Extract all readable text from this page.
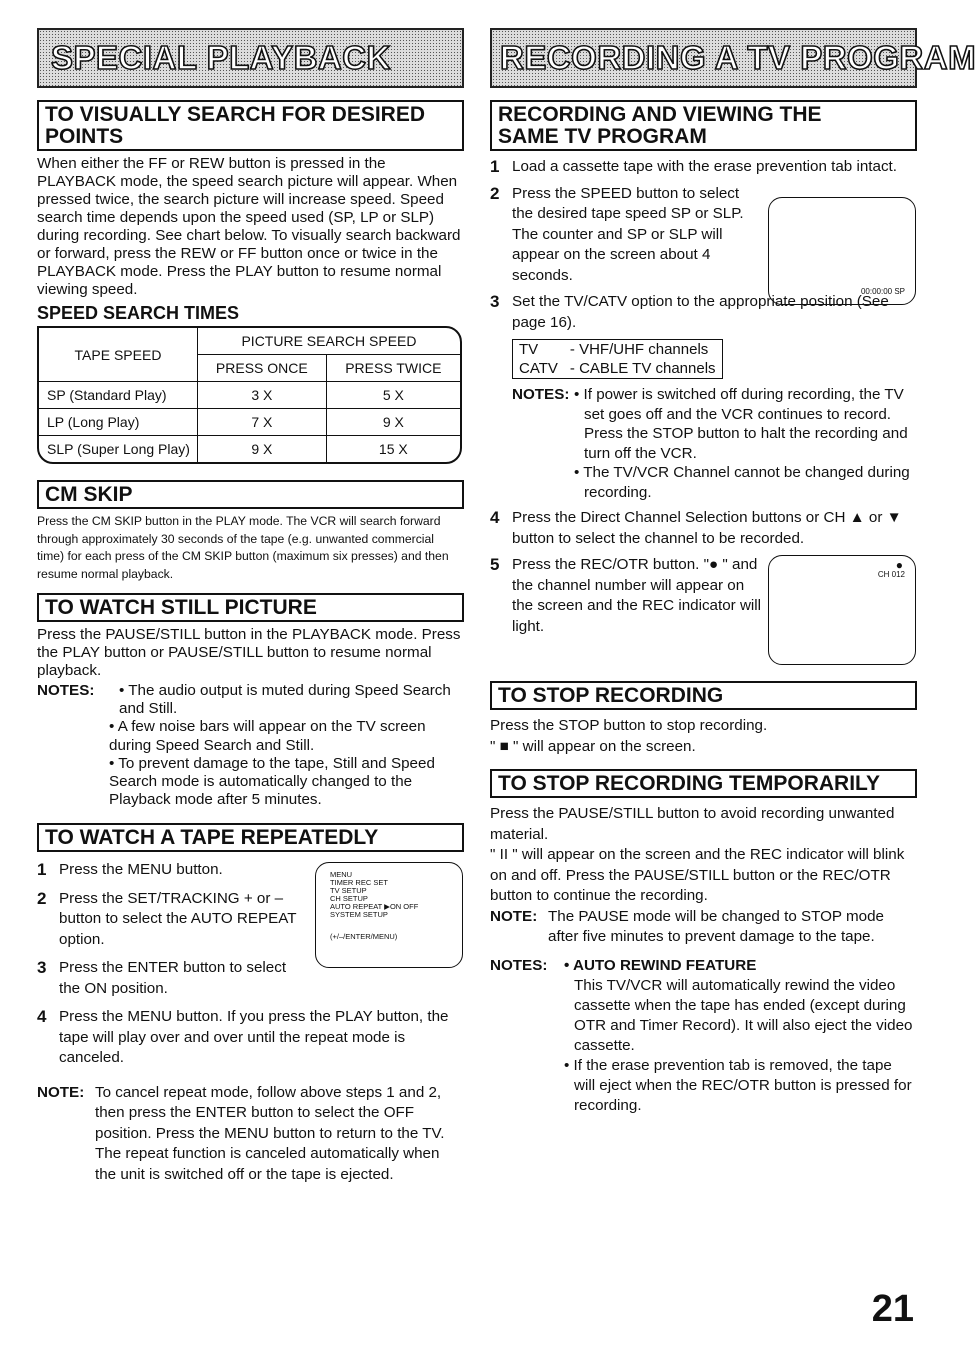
SPECIAL PLAYBACK
TO VISUALLY SEARCH FOR DESIRED
POINTS

When either the FF or REW button is pressed in the PLAYBACK mode, the speed search picture will appear. When pressed twice, the search picture will increase speed. Speed search time depends upon the speed used (SP, LP or SLP) during recording. See chart below. To visually search backward or forward, press the REW or FF button once or twice in the PLAYBACK mode. Press the PLAY button to resume normal viewing speed.

SPEED SEARCH TIMES
TAPE SPEED	PICTURE SEARCH SPEED	
	PRESS ONCE	PRESS TWICE
SP (Standard Play)	3 X	5 X
LP (Long Play)	7 X	9 X
SLP (Super Long Play)	9 X	15 X
CM SKIP

Press the CM SKIP button in the PLAY mode. The VCR will search forward through approximately 30 seconds of the tape (e.g. unwanted commercial time) for each press of the CM SKIP button (maximum six presses) and then resume normal playback.

TO WATCH STILL PICTURE

Press the PAUSE/STILL button in the PLAYBACK mode. Press the PLAY button or PAUSE/STILL button to resume normal playback.

NOTES:	• The audio output is muted during Speed Search and Still.
• A few noise bars will appear on the TV screen during Speed Search and Still.
• To prevent damage to the tape, Still and Speed Search mode is automatically changed to the Playback mode after 5 minutes.
TO WATCH A TAPE REPEATEDLY
MENU
TIMER REC SET
TV SETUP
CH SETUP
AUTO REPEAT ▶ON OFF
SYSTEM SETUP
(+/–/ENTER/MENU)
1 Press the MENU button.
2 Press the SET/TRACKING + or – button to select the AUTO REPEAT option.
3 Press the ENTER button to select the ON position.
4 Press the MENU button. If you press the PLAY button, the tape will play over and over until the repeat mode is canceled.
NOTE: To cancel repeat mode, follow above steps 1 and 2, then press the ENTER button to select the OFF position. Press the MENU button to return to the TV. The repeat function is canceled automatically when the unit is switched off or the tape is ejected.
RECORDING A TV PROGRAM
RECORDING AND VIEWING THE
SAME TV PROGRAM
00:00:00 SP
1 Load a cassette tape with the erase prevention tab intact.
2 Press the SPEED button to select the desired tape speed SP or SLP. The counter and SP or SLP will appear on the screen about 4 seconds.
3 Set the TV/CATV option to the appropriate position (See page 16).
TV	- VHF/UHF channels
CATV	- CABLE TV channels
NOTES: • If power is switched off during recording, the TV set goes off and the VCR continues to record. Press the STOP button to halt the recording and turn off the VCR.
• The TV/VCR Channel cannot be changed during recording.
4 Press the Direct Channel Selection buttons or CH ▲ or ▼ button to select the channel to be recorded.
●
CH 012
5 Press the REC/OTR button. "● " and the channel number will appear on the screen and the REC indicator will light.
TO STOP RECORDING

Press the STOP button to stop recording.

" ■ " will appear on the screen.

TO STOP RECORDING TEMPORARILY

Press the PAUSE/STILL button to avoid recording unwanted material.

" II " will appear on the screen and the REC indicator will blink on and off. Press the PAUSE/STILL button or the REC/OTR button to continue the recording.

NOTE: The PAUSE mode will be changed to STOP mode after five minutes to prevent damage to the tape.
NOTES:	• AUTO REWIND FEATURE
This TV/VCR will automatically rewind the video cassette when the tape has ended (except during OTR and Timer Record). It will also eject the video cassette.
• If the erase prevention tab is removed, the tape will eject when the REC/OTR button is pressed for recording.
21
